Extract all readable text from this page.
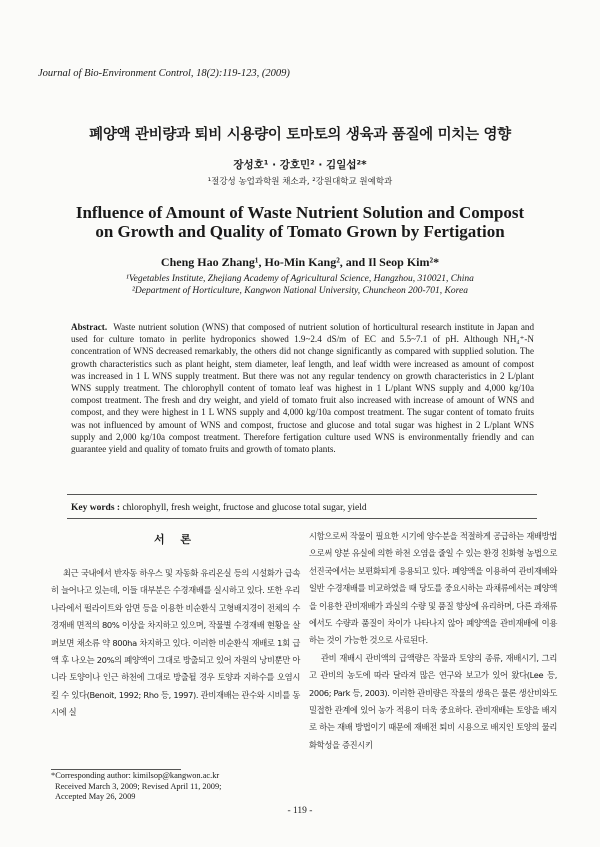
Journal of Bio-Environment Control, 18(2):119-123, (2009)
폐양액 관비량과 퇴비 시용량이 토마토의 생육과 품질에 미치는 영향
장성호¹ · 강호민² · 김일섭²*
¹절강성 농업과학원 채소과, ²강원대학교 원예학과
Influence of Amount of Waste Nutrient Solution and Compost
on Growth and Quality of Tomato Grown by Fertigation
Cheng Hao Zhang¹, Ho-Min Kang², and Il Seop Kim²*
¹Vegetables Institute, Zhejiang Academy of Agricultural Science, Hangzhou, 310021, China
²Department of Horticulture, Kangwon National University, Chuncheon 200-701, Korea
Abstract. Waste nutrient solution (WNS) that composed of nutrient solution of horticultural research institute in Japan and used for culture tomato in perlite hydroponics showed 1.9~2.4 dS/m of EC and 5.5~7.1 of pH. Although NH₄⁺-N concentration of WNS decreased remarkably, the others did not change significantly as compared with supplied solution. The growth characteristics such as plant height, stem diameter, leaf length, and leaf width were increased as amount of compost was increased in 1 L WNS supply treatment. But there was not any regular tendency on growth characteristics in 2 L/plant WNS supply treatment. The chlorophyll content of tomato leaf was highest in 1 L/plant WNS supply and 4,000 kg/10a compost treatment. The fresh and dry weight, and yield of tomato fruit also increased with increase of amount of WNS and compost, and they were highest in 1 L WNS supply and 4,000 kg/10a compost treatment. The sugar content of tomato fruits was not influenced by amount of WNS and compost, fructose and glucose and total sugar was highest in 2 L/plant WNS supply and 2,000 kg/10a compost treatment. Therefore fertigation culture used WNS is environmentally friendly and can guarantee yield and quality of tomato fruits and growth of tomato plants.
Key words : chlorophyll, fresh weight, fructose and glucose total sugar, yield
서 론

최근 국내에서 반자동 하우스 및 자동화 유리온실 등의 시설화가 급속히 늘어나고 있는데, 이들 대부분은 수경재배를 실시하고 있다. 또한 우리나라에서 펄라이트와 암면 등을 이용한 비순환식 고형배지경이 전체의 수경재배 면적의 80% 이상을 차지하고 있으며, 작물별 수경재배 현황을 살펴보면 채소류 약 800ha 차지하고 있다. 이러한 비순환식 재배로 1회 급액 후 나오는 20%의 폐양액이 그대로 방출되고 있어 자원의 낭비뿐만 아니라 토양이나 인근 하천에 그대로 방출될 경우 토양과 지하수를 오염시킬 수 있다(Benoit, 1992; Rho 등, 1997). 관비재배는 관수와 시비를 동시에 실

시함으로써 작물이 필요한 시기에 양수분을 적절하게 공급하는 재배방법으로써 양분 유실에 의한 하천 오염을 줄일 수 있는 환경 친화형 농법으로 선진국에서는 보편화되게 응용되고 있다. 폐양액을 이용하여 관비재배와 일반 수경재배를 비교하였을 때 당도를 중요시하는 과채류에서는 폐양액을 이용한 관비재배가 과실의 수량 및 품질 향상에 유리하며, 다른 과채류에서도 수량과 품질이 차이가 나타나지 않아 폐양액을 관비재배에 이용하는 것이 가능한 것으로 사료된다.

관비 재배시 관비액의 급액량은 작물과 토양의 종류, 재배시기, 그리고 관비의 농도에 따라 달라져 많은 연구와 보고가 있어 왔다(Lee 등, 2006; Park 등, 2003). 이러한 관비량은 작물의 생육은 물론 생산비와도 밀접한 관계에 있어 농가 적용이 더욱 중요하다. 관비재배는 토양을 배지로 하는 재배 방법이기 때문에 재배전 퇴비 시용으로 배지인 토양의 물리 화학성을 증진시키

*Corresponding author: kimilsop@kangwon.ac.kr
Received March 3, 2009; Revised April 11, 2009;
Accepted May 26, 2009
- 119 -
